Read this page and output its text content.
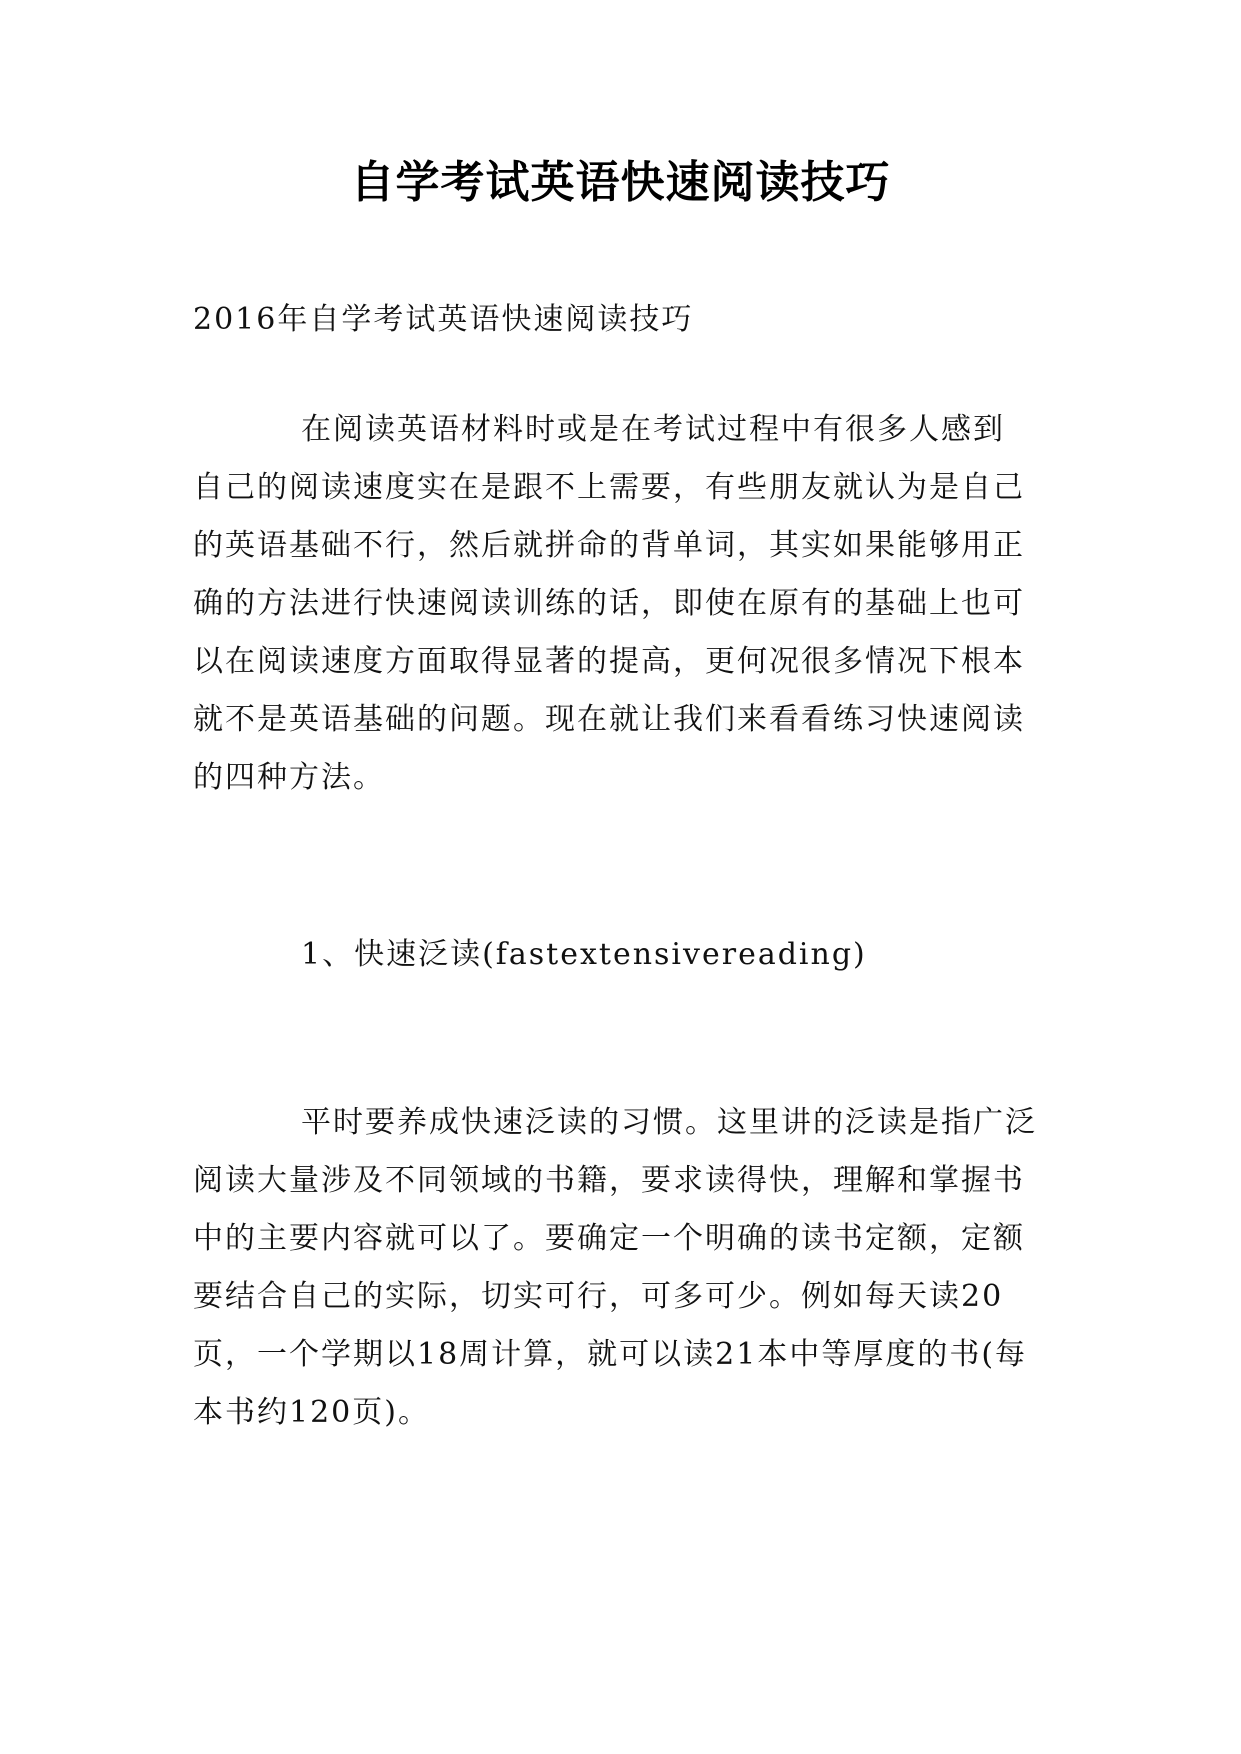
自学考试英语快速阅读技巧
2016年自学考试英语快速阅读技巧
在阅读英语材料时或是在考试过程中有很多人感到
自己的阅读速度实在是跟不上需要，有些朋友就认为是自己
的英语基础不行，然后就拼命的背单词，其实如果能够用正
确的方法进行快速阅读训练的话，即使在原有的基础上也可
以在阅读速度方面取得显著的提高，更何况很多情况下根本
就不是英语基础的问题。现在就让我们来看看练习快速阅读
的四种方法。
1、快速泛读(fastextensivereading)
平时要养成快速泛读的习惯。这里讲的泛读是指广泛
阅读大量涉及不同领域的书籍，要求读得快，理解和掌握书
中的主要内容就可以了。要确定一个明确的读书定额，定额
要结合自己的实际，切实可行，可多可少。例如每天读20
页，一个学期以18周计算，就可以读21本中等厚度的书(每
本书约120页)。
